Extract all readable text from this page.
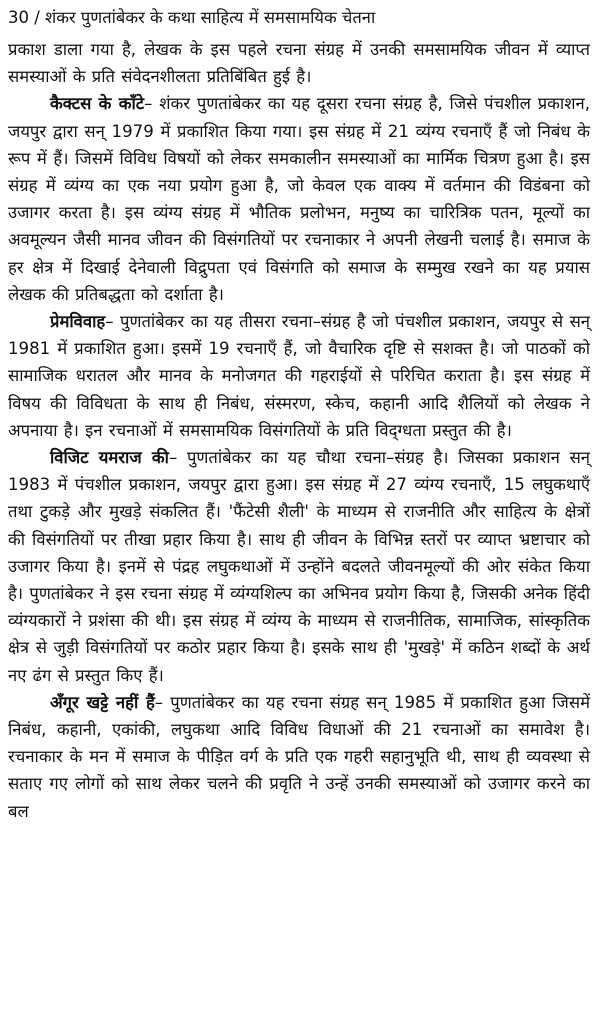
30 / शंकर पुणतांबेकर के कथा साहित्य में समसामयिक चेतना

प्रकाश डाला गया है, लेखक के इस पहले रचना संग्रह में उनकी समसामयिक जीवन में व्याप्त समस्याओं के प्रति संवेदनशीलता प्रतिबिंबित हुई है।

कैक्टस के काँटे– शंकर पुणतांबेकर का यह दूसरा रचना संग्रह है, जिसे पंचशील प्रकाशन, जयपुर द्वारा सन् 1979 में प्रकाशित किया गया। इस संग्रह में 21 व्यंग्य रचनाएँ हैं जो निबंध के रूप में हैं। जिसमें विविध विषयों को लेकर समकालीन समस्याओं का मार्मिक चित्रण हुआ है। इस संग्रह में व्यंग्य का एक नया प्रयोग हुआ है, जो केवल एक वाक्य में वर्तमान की विडंबना को उजागर करता है। इस व्यंग्य संग्रह में भौतिक प्रलोभन, मनुष्य का चारित्रिक पतन, मूल्यों का अवमूल्यन जैसी मानव जीवन की विसंगतियों पर रचनाकार ने अपनी लेखनी चलाई है। समाज के हर क्षेत्र में दिखाई देनेवाली विद्रुपता एवं विसंगति को समाज के सम्मुख रखने का यह प्रयास लेखक की प्रतिबद्धता को दर्शाता है।

प्रेमविवाह– पुणतांबेकर का यह तीसरा रचना–संग्रह है जो पंचशील प्रकाशन, जयपुर से सन् 1981 में प्रकाशित हुआ। इसमें 19 रचनाएँ हैं, जो वैचारिक दृष्टि से सशक्त है। जो पाठकों को सामाजिक धरातल और मानव के मनोजगत की गहराईयों से परिचित कराता है। इस संग्रह में विषय की विविधता के साथ ही निबंध, संस्मरण, स्केच, कहानी आदि शैलियों को लेखक ने अपनाया है। इन रचनाओं में समसामयिक विसंगतियों के प्रति विद्ग्धता प्रस्तुत की है।

विजिट यमराज की– पुणतांबेकर का यह चौथा रचना–संग्रह है। जिसका प्रकाशन सन् 1983 में पंचशील प्रकाशन, जयपुर द्वारा हुआ। इस संग्रह में 27 व्यंग्य रचनाएँ, 15 लघुकथाएँ तथा टुकड़े और मुखड़े संकलित हैं। 'फैंटेसी शैली' के माध्यम से राजनीति और साहित्य के क्षेत्रों की विसंगतियों पर तीखा प्रहार किया है। साथ ही जीवन के विभिन्न स्तरों पर व्याप्त भ्रष्टाचार को उजागर किया है। इनमें से पंद्रह लघुकथाओं में उन्होंने बदलते जीवनमूल्यों की ओर संकेत किया है। पुणतांबेकर ने इस रचना संग्रह में व्यंग्यशिल्प का अभिनव प्रयोग किया है, जिसकी अनेक हिंदी व्यंग्यकारों ने प्रशंसा की थी। इस संग्रह में व्यंग्य के माध्यम से राजनीतिक, सामाजिक, सांस्कृतिक क्षेत्र से जुड़ी विसंगतियों पर कठोर प्रहार किया है। इसके साथ ही 'मुखड़े' में कठिन शब्दों के अर्थ नए ढंग से प्रस्तुत किए हैं।

अँगूर खट्टे नहीं हैं– पुणतांबेकर का यह रचना संग्रह सन् 1985 में प्रकाशित हुआ जिसमें निबंध, कहानी, एकांकी, लघुकथा आदि विविध विधाओं की 21 रचनाओं का समावेश है। रचनाकार के मन में समाज के पीड़ित वर्ग के प्रति एक गहरी सहानुभूति थी, साथ ही व्यवस्था से सताए गए लोगों को साथ लेकर चलने की प्रवृति ने उन्हें उनकी समस्याओं को उजागर करने का बल
